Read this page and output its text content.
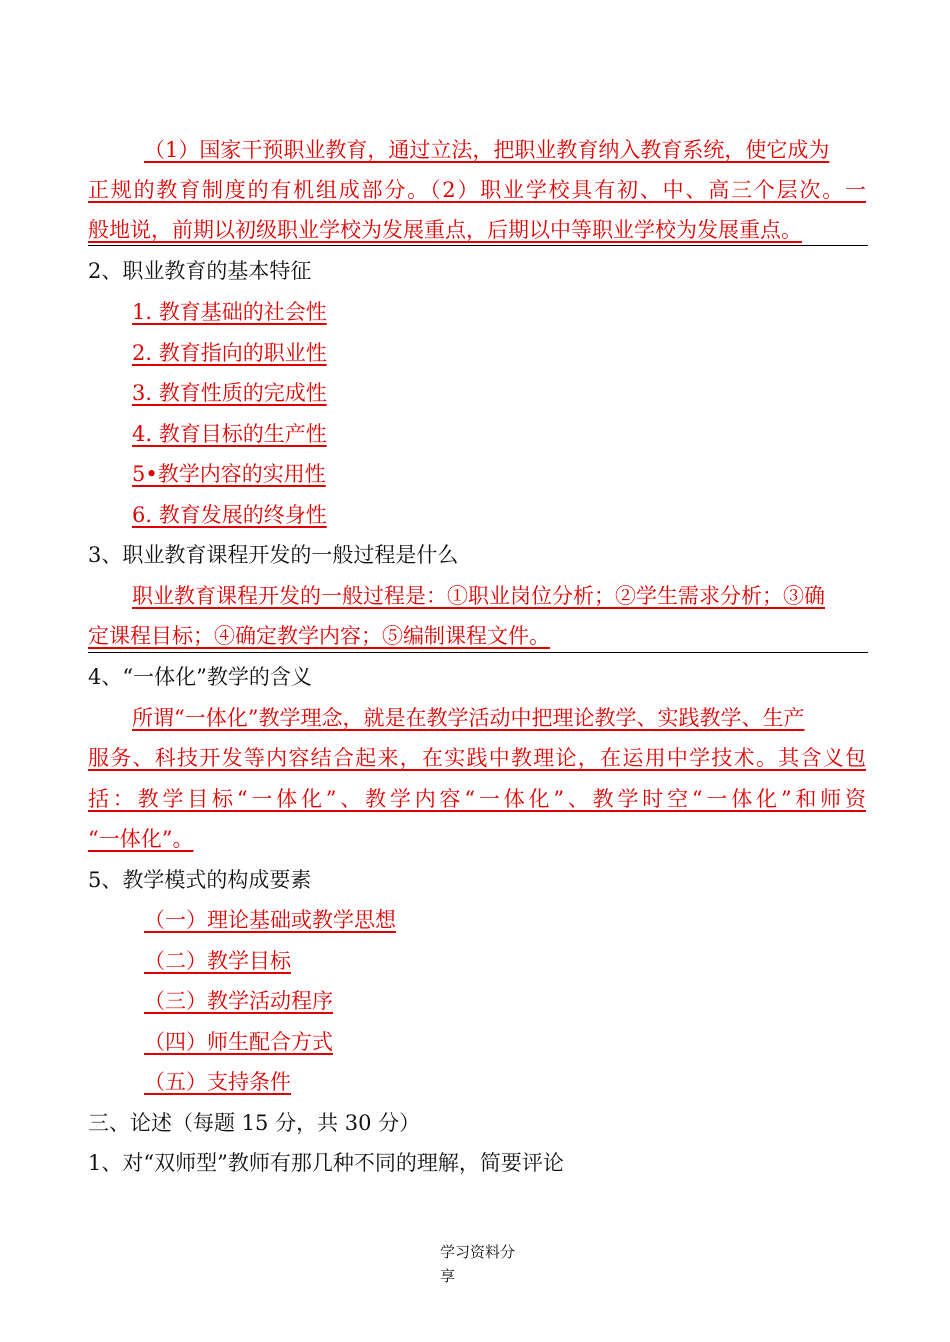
（1）国家干预职业教育，通过立法，把职业教育纳入教育系统，使它成为
正规的教育制度的有机组成部分。（2）职业学校具有初、中、高三个层次。一
般地说，前期以初级职业学校为发展重点，后期以中等职业学校为发展重点。
2、职业教育的基本特征
1. 教育基础的社会性
2. 教育指向的职业性
3. 教育性质的完成性
4. 教育目标的生产性
5•教学内容的实用性
6. 教育发展的终身性
3、职业教育课程开发的一般过程是什么
职业教育课程开发的一般过程是：①职业岗位分析；②学生需求分析；③确
定课程目标；④确定教学内容；⑤编制课程文件。
4、“一体化”教学的含义
所谓“一体化”教学理念，就是在教学活动中把理论教学、实践教学、生产
服务、科技开发等内容结合起来，在实践中教理论，在运用中学技术。其含义包
括：教学目标“一体化”、教学内容“一体化”、教学时空“一体化”和师资
“一体化”。
5、教学模式的构成要素
（一）理论基础或教学思想
（二）教学目标
（三）教学活动程序
（四）师生配合方式
（五）支持条件
三、论述（每题 15 分，共 30 分）
1、对“双师型”教师有那几种不同的理解，简要评论
学习资料分
享
